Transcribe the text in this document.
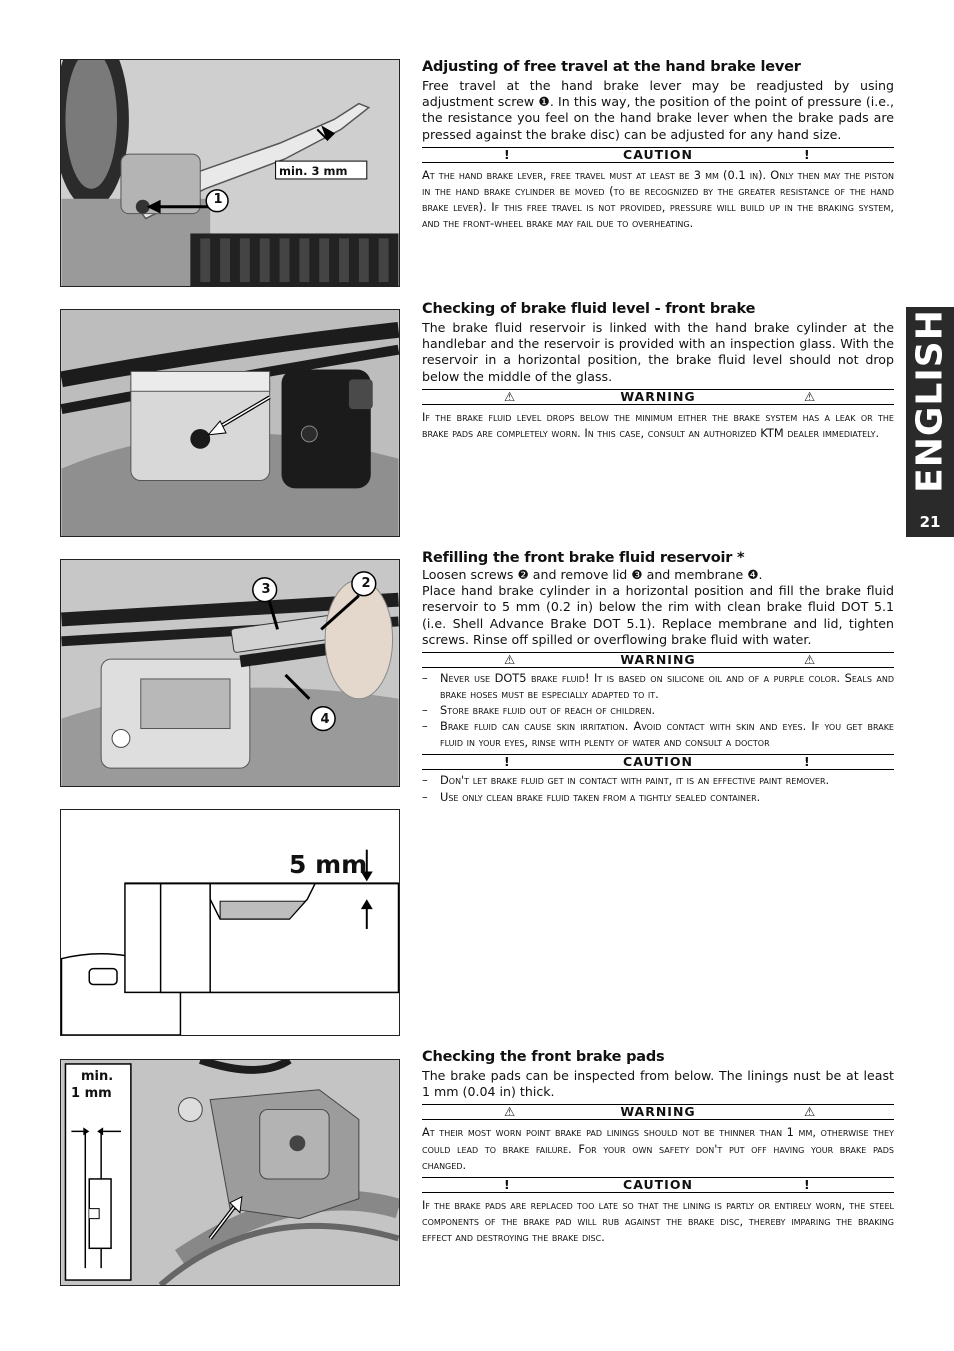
ENGLISH
21
1
min. 3 mm
Adjusting of free travel at the hand brake lever

Free travel at the hand brake lever may be readjusted by using adjustment screw ❶. In this way, the position of the point of pressure (i.e., the resistance you feel on the hand brake lever when the brake pads are pressed against the brake disc) can be adjusted for any hand size.

!	CAUTION	!

At the hand brake lever, free travel must at least be 3 mm (0.1 in). Only then may the piston in the hand brake cylinder be moved (to be recognized by the greater resistance of the hand brake lever). If this free travel is not provided, pressure will build up in the braking system, and the front-wheel brake may fail due to overheating.

Checking of brake fluid level - front brake

The brake fluid reservoir is linked with the hand brake cylinder at the handlebar and the reservoir is provided with an inspection glass. With the reservoir in a horizontal position, the brake fluid level should not drop below the middle of the glass.

⚠	WARNING	⚠

If the brake fluid level drops below the minimum either the brake system has a leak or the brake pads are completely worn. In this case, consult an authorized KTM dealer immediately.

3	2
4
5 mm
Refilling the front brake fluid reservoir *

Loosen screws ❷ and remove lid ❸ and membrane ❹.

Place hand brake cylinder in a horizontal position and fill the brake fluid reservoir to 5 mm (0.2 in) below the rim with clean brake fluid DOT 5.1 (i.e. Shell Advance Brake DOT 5.1). Replace membrane and lid, tighten screws. Rinse off spilled or overflowing brake fluid with water.

⚠	WARNING	⚠
– Never use DOT5 brake fluid! It is based on silicone oil and of a purple color. Seals and brake hoses must be especially adapted to it.
– Store brake fluid out of reach of children.
– Brake fluid can cause skin irritation. Avoid contact with skin and eyes. If you get brake fluid in your eyes, rinse with plenty of water and consult a doctor
!	CAUTION	!
– Don't let brake fluid get in contact with paint, it is an effective paint remover.
– Use only clean brake fluid taken from a tightly sealed container.
min.
1 mm
Checking the front brake pads

The brake pads can be inspected from below. The linings nust be at least 1 mm (0.04 in) thick.

⚠	WARNING	⚠

At their most worn point brake pad linings should not be thinner than 1 mm, otherwise they could lead to brake failure. For your own safety don't put off having your brake pads changed.

!	CAUTION	!

If the brake pads are replaced too late so that the lining is partly or entirely worn, the steel components of the brake pad will rub against the brake disc, thereby imparing the braking effect and destroying the brake disc.
